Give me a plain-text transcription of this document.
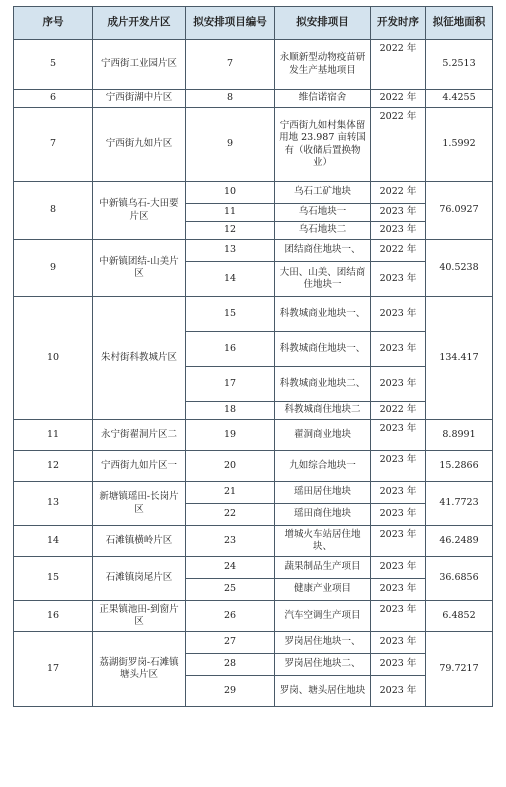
序号	成片开发片区	拟安排项目编号	拟安排项目	开发时序	拟征地面积
5	宁西街工业园片区	7	永顺新型动物疫苗研发生产基地项目	2022 年	5.2513
6	宁西街湖中片区	8	维信诺宿舍	2022 年	4.4255
7	宁西街九如片区	9	宁西街九如村集体留用地 23.987 亩转国有（收储后置换物业）	2022 年	1.5992
8	中新镇乌石-大田要片区	10	乌石工矿地块	2022 年	76.0927
		11	乌石地块一	2023 年	
		12	乌石地块二	2023 年	
9	中新镇团结-山美片区	13	团结商住地块一、	2022 年	40.5238
		14	大田、山美、团结商住地块一	2023 年	
10	朱村街科教城片区	15	科教城商业地块一、	2023 年	134.417
		16	科教城商住地块一、	2023 年	
		17	科教城商业地块二、	2023 年	
		18	科教城商住地块二	2022 年	
11	永宁街翟洞片区二	19	翟洞商业地块	2023 年	8.8991
12	宁西街九如片区一	20	九如综合地块一	2023 年	15.2866
13	新塘镇瑶田-长岗片区	21	瑶田居住地块	2023 年	41.7723
		22	瑶田商住地块	2023 年	
14	石滩镇横岭片区	23	增城火车站居住地块、	2023 年	46.2489
15	石滩镇岗尾片区	24	蔬果制品生产项目	2023 年	36.6856
		25	健康产业项目	2023 年	
16	正果镇池田-到窗片区	26	汽车空调生产项目	2023 年	6.4852
17	荔湖街罗岗-石滩镇塘头片区	27	罗岗居住地块一、	2023 年	79.7217
		28	罗岗居住地块二、	2023 年	
		29	罗岗、塘头居住地块	2023 年	
